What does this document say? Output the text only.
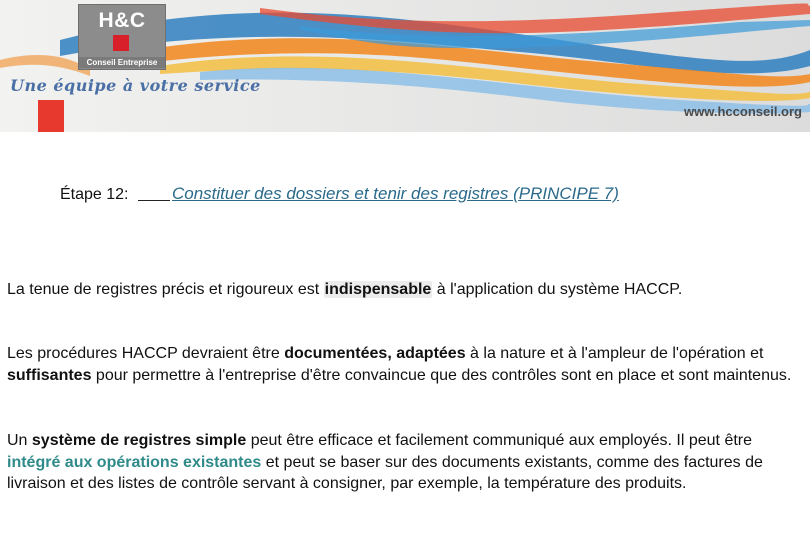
H&C
Conseil Entreprise
Une équipe à votre service
www.hcconseil.org
Étape 12:	Constituer des dossiers et tenir des registres (PRINCIPE 7)
La tenue de registres précis et rigoureux est indispensable à l'application du système HACCP.
Les procédures HACCP devraient être documentées, adaptées à la nature et à l'ampleur de l'opération et suffisantes pour permettre à l'entreprise d'être convaincue que des contrôles sont en place et sont maintenus.
Un système de registres simple peut être efficace et facilement communiqué aux employés. Il peut être intégré aux opérations existantes et peut se baser sur des documents existants, comme des factures de livraison et des listes de contrôle servant à consigner, par exemple, la température des produits.
